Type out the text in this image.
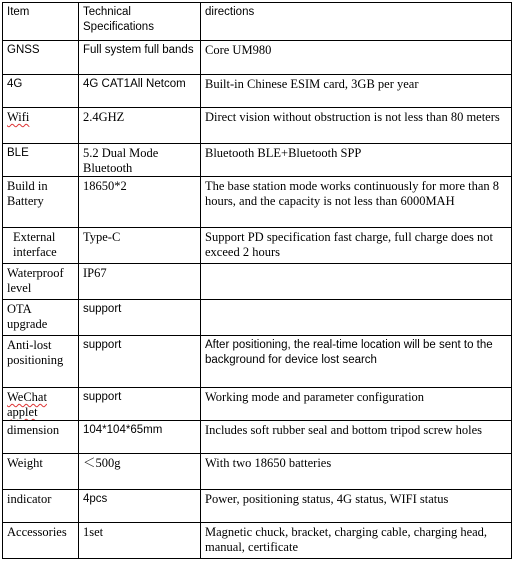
Item	Technical Specifications	directions
GNSS	Full system full bands	Core UM980
4G	4G CAT1All Netcom	Built-in Chinese ESIM card, 3GB per year
Wifi	2.4GHZ	Direct vision without obstruction is not less than 80 meters
BLE	5.2 Dual Mode Bluetooth	Bluetooth BLE+Bluetooth SPP
Build in Battery	18650*2	The base station mode works continuously for more than 8 hours, and the capacity is not less than 6000MAH
External interface	Type-C	Support PD specification fast charge, full charge does not exceed 2 hours
Waterproof level	IP67	
OTA upgrade	support	
Anti-lost positioning	support	After positioning, the real-time location will be sent to the background for device lost search
WeChat applet	support	Working mode and parameter configuration
dimension	104*104*65mm	Includes soft rubber seal and bottom tripod screw holes
Weight	＜500g	With two 18650 batteries
indicator	4pcs	Power, positioning status, 4G status, WIFI status
Accessories	1set	Magnetic chuck, bracket, charging cable, charging head, manual, certificate
